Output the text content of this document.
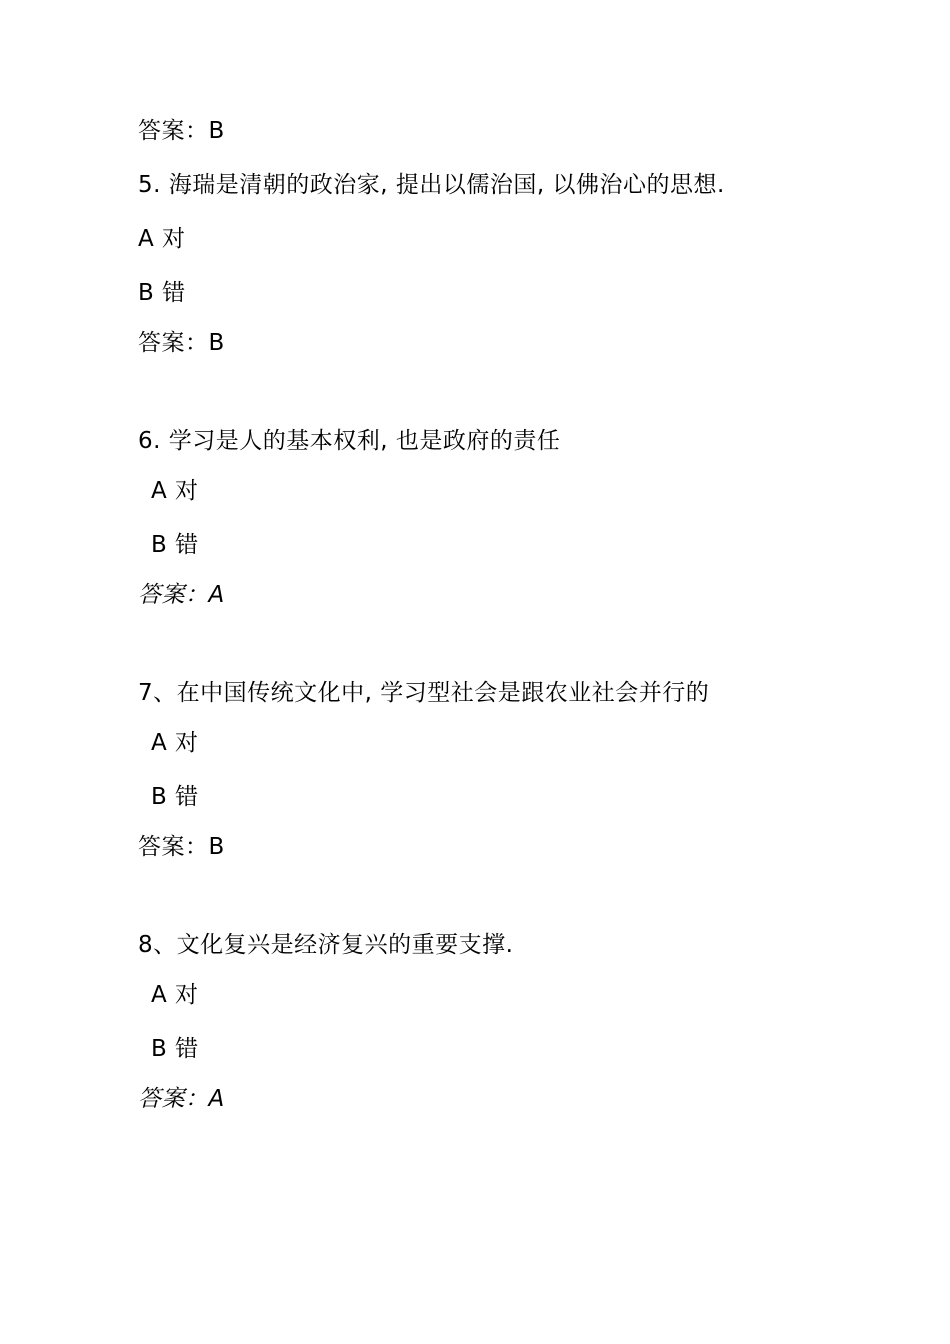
答案：B
5. 海瑞是清朝的政治家, 提出以儒治国, 以佛治心的思想.
A 对
B 错
答案：B
6. 学习是人的基本权利, 也是政府的责任
A 对
B 错
答案：A
7、在中国传统文化中, 学习型社会是跟农业社会并行的
A 对
B 错
答案：B
8、文化复兴是经济复兴的重要支撑.
A 对
B 错
答案：A
